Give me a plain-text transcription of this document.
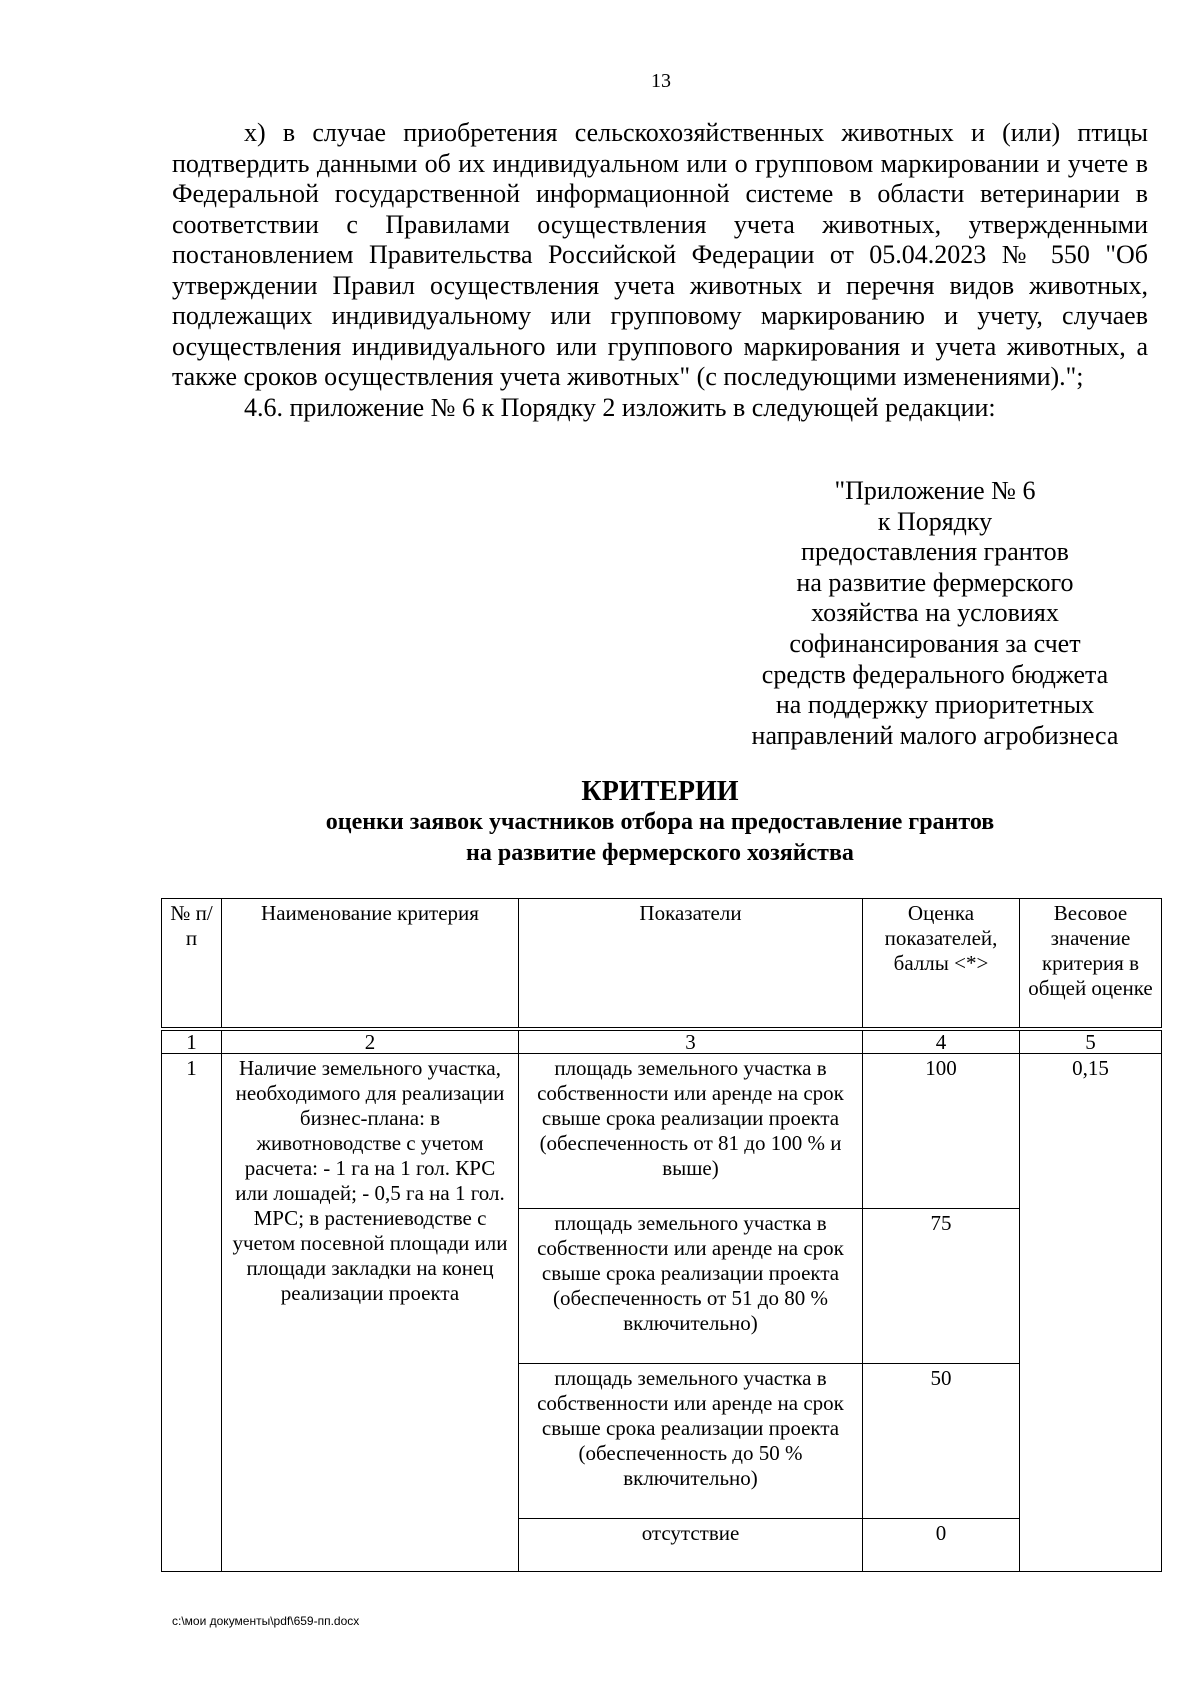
13

х) в случае приобретения сельскохозяйственных животных и (или) птицы подтвердить данными об их индивидуальном или о групповом маркировании и учете в Федеральной государственной информационной системе в области ветеринарии в соответствии с Правилами осуществления учета животных, утвержденными постановлением Правительства Российской Федерации от 05.04.2023 № 550 "Об утверждении Правил осуществления учета животных и перечня видов животных, подлежащих индивидуальному или групповому маркированию и учету, случаев осуществления индивидуального или группового маркирования и учета животных, а также сроков осуществления учета животных" (с последующими изменениями).";

4.6. приложение № 6 к Порядку 2 изложить в следующей редакции:

"Приложение № 6
к Порядку
предоставления грантов
на развитие фермерского
хозяйства на условиях
софинансирования за счет
средств федерального бюджета
на поддержку приоритетных
направлений малого агробизнеса
КРИТЕРИИ
оценки заявок участников отбора на предоставление грантов
на развитие фермерского хозяйства
№ п/п	Наименование критерия	Показатели	Оценка показателей, баллы <*>	Весовое значение критерия в общей оценке
1	2	3	4	5
1	Наличие земельного участка, необходимого для реализации бизнес-плана: в животноводстве с учетом расчета: - 1 га на 1 гол. КРС или лошадей; - 0,5 га на 1 гол. МРС; в растениеводстве с учетом посевной площади или площади закладки на конец реализации проекта	площадь земельного участка в собственности или аренде на срок свыше срока реализации проекта (обеспеченность от 81 до 100 % и выше)	100	0,15
		площадь земельного участка в собственности или аренде на срок свыше срока реализации проекта (обеспеченность от 51 до 80 % включительно)	75	
		площадь земельного участка в собственности или аренде на срок свыше срока реализации проекта (обеспеченность до 50 % включительно)	50	
		отсутствие	0	
c:\мои документы\pdf\659-пп.docx
